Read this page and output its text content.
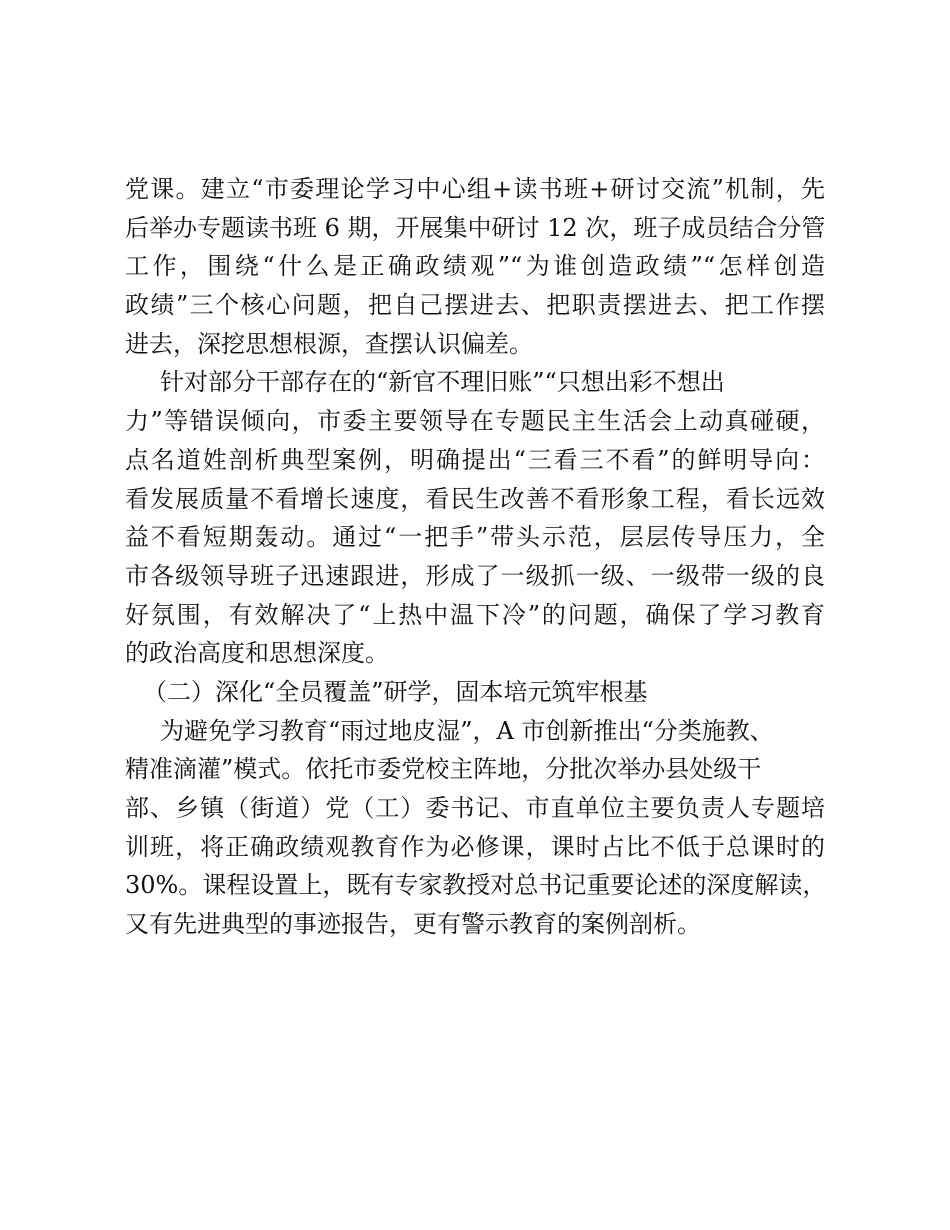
党课。建立“市委理论学习中心组+读书班+研讨交流”机制，先
后举办专题读书班 6 期，开展集中研讨 12 次，班子成员结合分管
工作，围绕“什么是正确政绩观”“为谁创造政绩”“怎样创造
政绩”三个核心问题，把自己摆进去、把职责摆进去、把工作摆
进去，深挖思想根源，查摆认识偏差。
针对部分干部存在的“新官不理旧账”“只想出彩不想出
力”等错误倾向，市委主要领导在专题民主生活会上动真碰硬，
点名道姓剖析典型案例，明确提出“三看三不看”的鲜明导向：
看发展质量不看增长速度，看民生改善不看形象工程，看长远效
益不看短期轰动。通过“一把手”带头示范，层层传导压力，全
市各级领导班子迅速跟进，形成了一级抓一级、一级带一级的良
好氛围，有效解决了“上热中温下冷”的问题，确保了学习教育
的政治高度和思想深度。
（二）深化“全员覆盖”研学，固本培元筑牢根基
为避免学习教育“雨过地皮湿”，A 市创新推出“分类施教、
精准滴灌”模式。依托市委党校主阵地，分批次举办县处级干
部、乡镇（街道）党（工）委书记、市直单位主要负责人专题培
训班，将正确政绩观教育作为必修课，课时占比不低于总课时的
30%。课程设置上，既有专家教授对总书记重要论述的深度解读，
又有先进典型的事迹报告，更有警示教育的案例剖析。
